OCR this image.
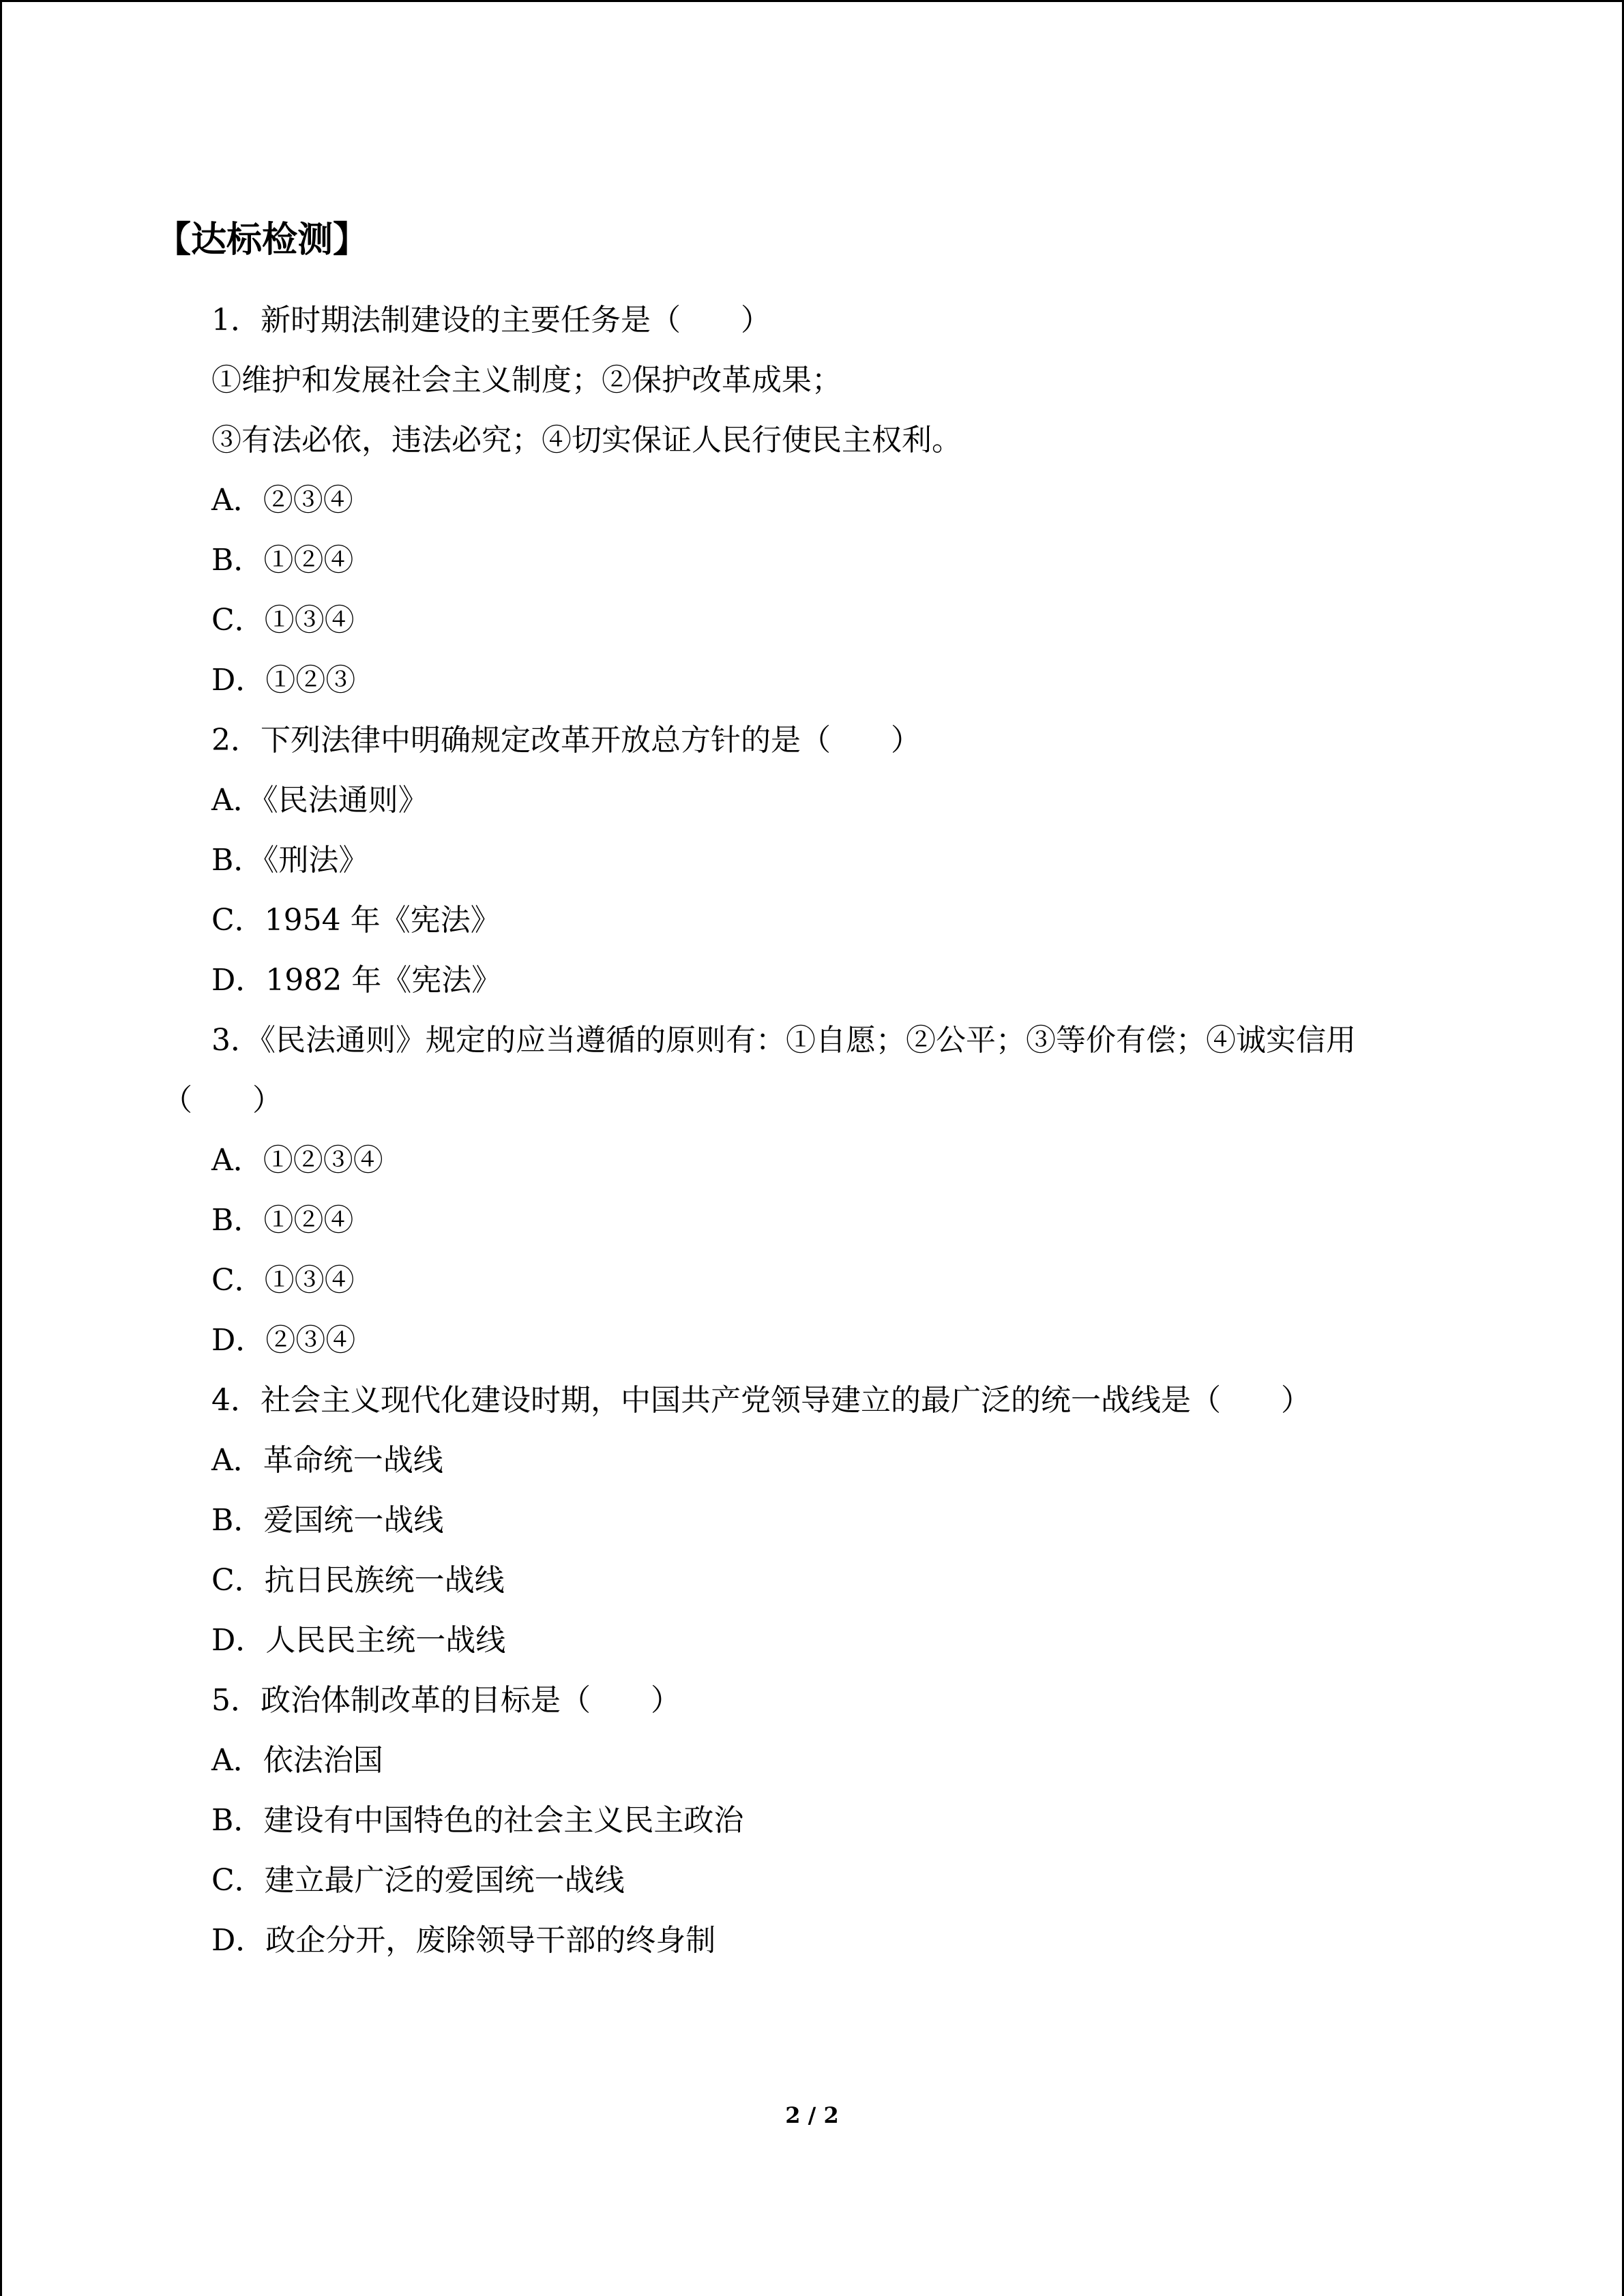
【达标检测】
1．新时期法制建设的主要任务是（　　）
①维护和发展社会主义制度；②保护改革成果；
③有法必依，违法必究；④切实保证人民行使民主权利。
A．②③④
B．①②④
C．①③④
D．①②③
2．下列法律中明确规定改革开放总方针的是（　　）
A．《民法通则》
B．《刑法》
C．1954 年《宪法》
D．1982 年《宪法》
3．《民法通则》规定的应当遵循的原则有：①自愿；②公平；③等价有偿；④诚实信用
（　　）
A．①②③④
B．①②④
C．①③④
D．②③④
4．社会主义现代化建设时期，中国共产党领导建立的最广泛的统一战线是（　　）
A．革命统一战线
B．爱国统一战线
C．抗日民族统一战线
D．人民民主统一战线
5．政治体制改革的目标是（　　）
A．依法治国
B．建设有中国特色的社会主义民主政治
C．建立最广泛的爱国统一战线
D．政企分开，废除领导干部的终身制
2 / 2
